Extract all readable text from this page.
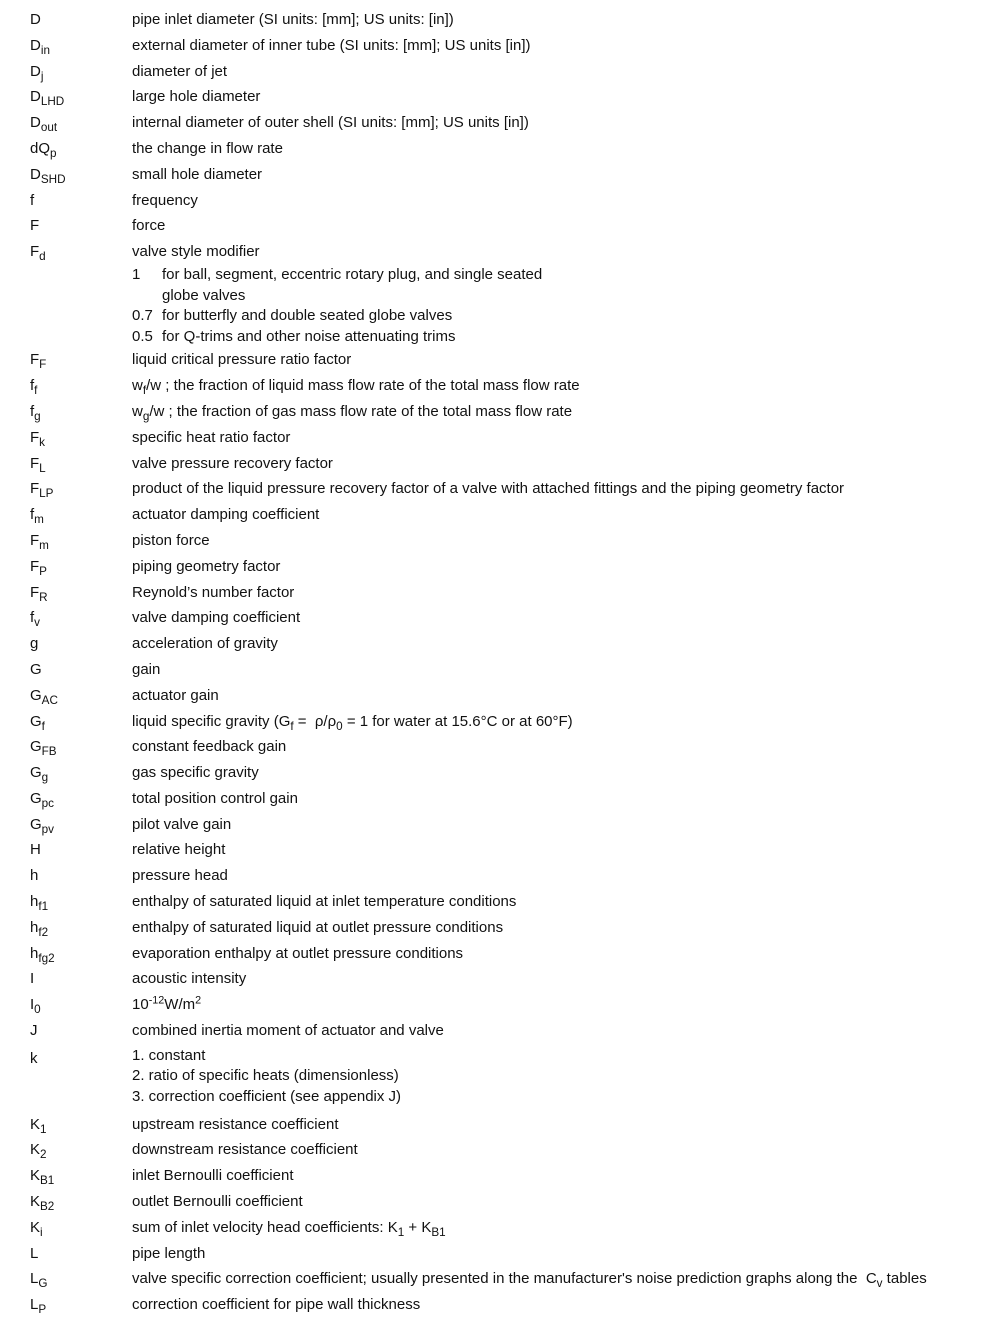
D	pipe inlet diameter (SI units: [mm]; US units: [in])
$D_{in}$	external diameter of inner tube (SI units: [mm]; US units [in])
$D_j$	diameter of jet
$D_{LHD}$	large hole diameter
$D_{out}$	internal diameter of outer shell (SI units: [mm]; US units [in])
$dQ_p$	the change in flow rate
$D_{SHD}$	small hole diameter
f	frequency
F	force
$F_d$	valve style modifier
1	for ball, segment, eccentric rotary plug, and single seated
globe valves
0.7 for butterfly and double seated globe valves
0.5 for Q-trims and other noise attenuating trims
$F_F$	liquid critical pressure ratio factor
$f_f$	$w_f/w$ ; the fraction of liquid mass flow rate of the total mass flow rate
$f_g$	$w_g/w$ ; the fraction of gas mass flow rate of the total mass flow rate
$F_k$	specific heat ratio factor
$F_L$	valve pressure recovery factor
$F_{LP}$	product of the liquid pressure recovery factor of a valve with attached fittings and the piping geometry factor
$f_m$	actuator damping coefficient
$F_m$	piston force
$F_P$	piping geometry factor
$F_R$	Reynold’s number factor
$f_v$	valve damping coefficient
g	acceleration of gravity
G	gain
$G_{AC}$	actuator gain
$G_f$	liquid specific gravity ($G_f = \rho/\rho_0 = 1$ for water at 15.6°C or at 60°F)
$G_{FB}$	constant feedback gain
$G_g$	gas specific gravity
$G_{pc}$	total position control gain
$G_{pv}$	pilot valve gain
H	relative height
h	pressure head
$h_{f1}$	enthalpy of saturated liquid at inlet temperature conditions
$h_{f2}$	enthalpy of saturated liquid at outlet pressure conditions
$h_{fg2}$	evaporation enthalpy at outlet pressure conditions
I	acoustic intensity
$I_0$	$10^{-12}W/m^2$
J	combined inertia moment of actuator and valve
k	1. constant
2. ratio of specific heats (dimensionless)
3. correction coefficient (see appendix J)
$K_1$	upstream resistance coefficient
$K_2$	downstream resistance coefficient
$K_{B1}$	inlet Bernoulli coefficient
$K_{B2}$	outlet Bernoulli coefficient
$K_i$	sum of inlet velocity head coefficients: $K_1 + K_{B1}$
L	pipe length
$L_G$	valve specific correction coefficient; usually presented in the manufacturer's noise prediction graphs along the  $C_v$ tables
$L_P$	correction coefficient for pipe wall thickness
